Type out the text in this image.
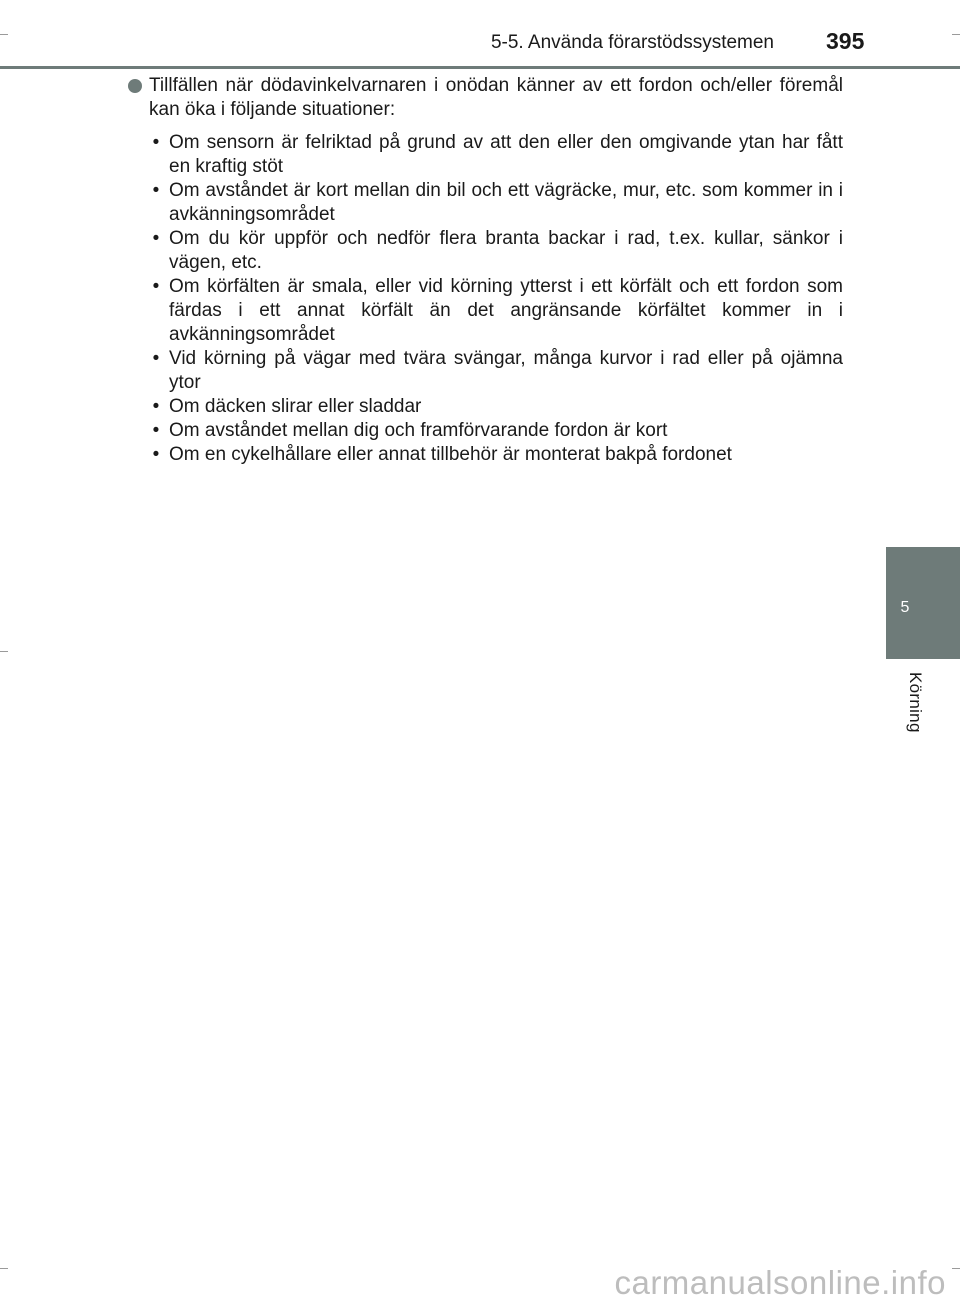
5-5. Använda förarstödssystemen 395
5
Körning
Tillfällen när dödavinkelvarnaren i onödan känner av ett fordon och/eller föremål kan öka i följande situationer:
• Om sensorn är felriktad på grund av att den eller den omgivande ytan har fått en kraftig stöt
• Om avståndet är kort mellan din bil och ett vägräcke, mur, etc. som kommer in i avkänningsområdet
• Om du kör uppför och nedför flera branta backar i rad, t.ex. kullar, sänkor i vägen, etc.
• Om körfälten är smala, eller vid körning ytterst i ett körfält och ett fordon som färdas i ett annat körfält än det angränsande körfältet kommer in i avkänningsområdet
• Vid körning på vägar med tvära svängar, många kurvor i rad eller på ojämna ytor
• Om däcken slirar eller sladdar
• Om avståndet mellan dig och framförvarande fordon är kort
• Om en cykelhållare eller annat tillbehör är monterat bakpå fordonet
carmanualsonline.info
